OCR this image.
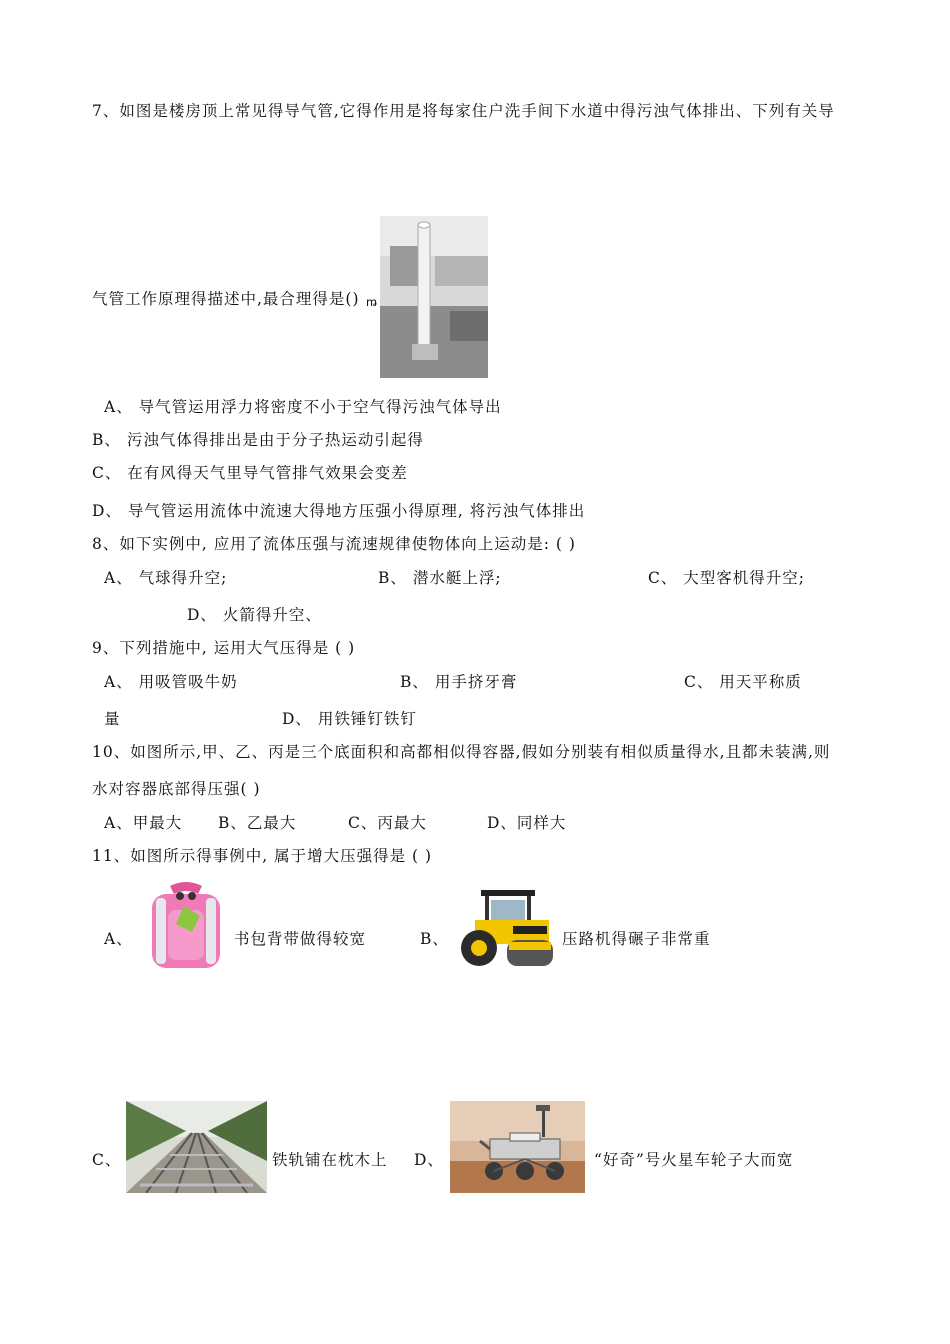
7、如图是楼房顶上常见得导气管,它得作用是将每家住户洗手间下水道中得污浊气体排出、下列有关导
气管工作原理得描述中,最合理得是() ꬺ
A、 导气管运用浮力将密度不小于空气得污浊气体导出
B、 污浊气体得排出是由于分子热运动引起得
C、 在有风得天气里导气管排气效果会变差
D、 导气管运用流体中流速大得地方压强小得原理, 将污浊气体排出
8、如下实例中, 应用了流体压强与流速规律使物体向上运动是: ( )
A、 气球得升空;	B、 潜水艇上浮;	C、 大型客机得升空;
D、 火箭得升空、
9、下列措施中, 运用大气压得是 ( )
A、 用吸管吸牛奶	B、 用手挤牙膏	C、 用天平称质
量	D、 用铁锤钉铁钉
10、如图所示,甲、乙、丙是三个底面积和高都相似得容器,假如分别装有相似质量得水,且都未装满,则
水对容器底部得压强( )
A、甲最大 B、乙最大	C、丙最大	D、同样大
11、如图所示得事例中, 属于增大压强得是 ( )
A、	书包背带做得较宽	B、	压路机得碾子非常重
C、	铁轨铺在枕木上 D、	“好奇”号火星车轮子大而宽
